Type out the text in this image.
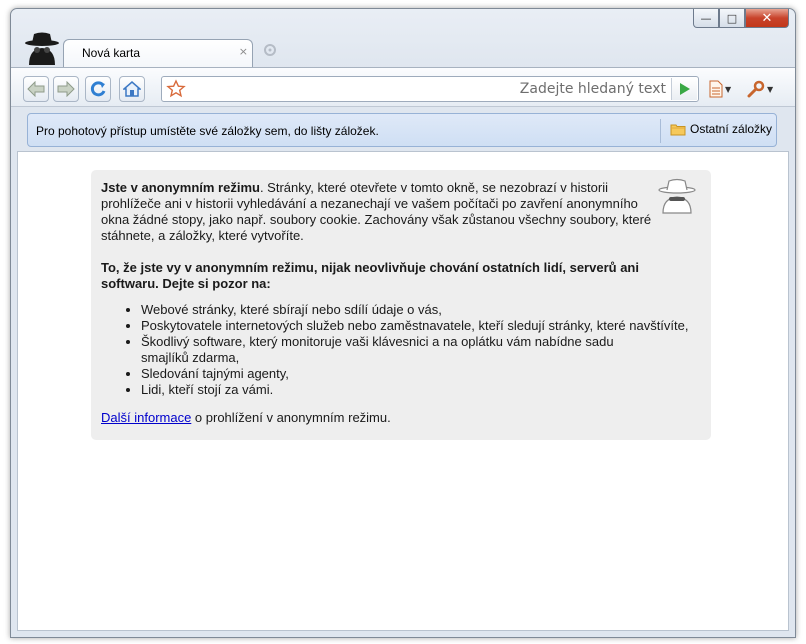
—	□	✕
Nová karta	×
Zadejte hledaný text
▼	▼
Pro pohotový přístup umístěte své záložky sem, do lišty záložek.	Ostatní záložky

Jste v anonymním režimu. Stránky, které otevřete v tomto okně, se nezobrazí v historii prohlížeče ani v historii vyhledávání a nezanechají ve vašem počítači po zavření anonymního okna žádné stopy, jako např. soubory cookie. Zachovány však zůstanou všechny soubory, které stáhnete, a záložky, které vytvoříte.

To, že jste vy v anonymním režimu, nijak neovlivňuje chování ostatních lidí, serverů ani softwaru. Dejte si pozor na:

• Webové stránky, které sbírají nebo sdílí údaje o vás,
• Poskytovatele internetových služeb nebo zaměstnavatele, kteří sledují stránky, které navštívíte,
• Škodlivý software, který monitoruje vaši klávesnici a na oplátku vám nabídne sadu smajlíků zdarma,
• Sledování tajnými agenty,
• Lidi, kteří stojí za vámi.

Další informace o prohlížení v anonymním režimu.
